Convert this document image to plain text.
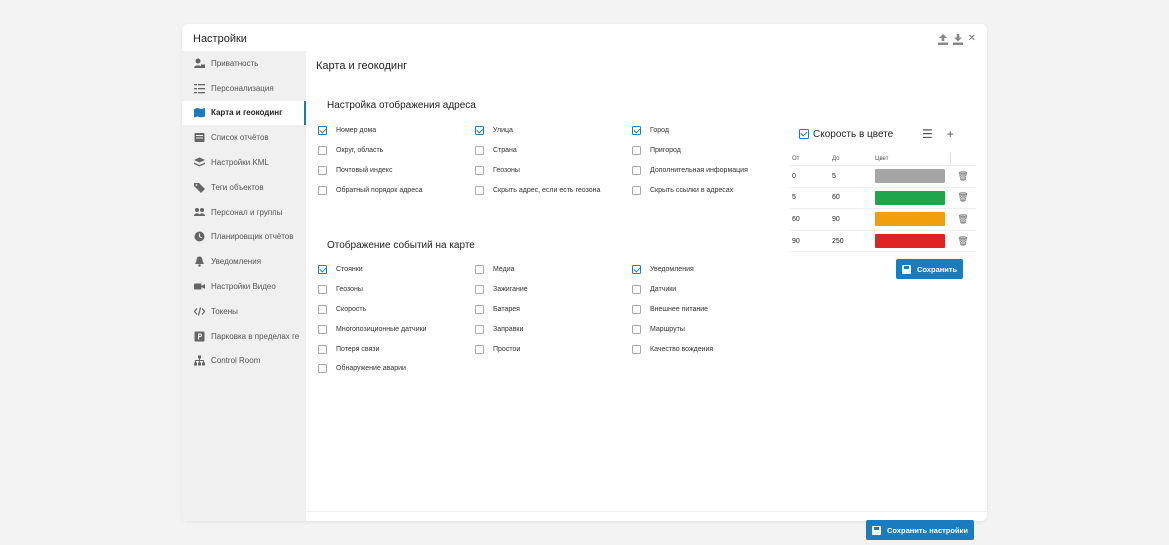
Настройки	✕
Приватность
Персонализация
Карта и геокодинг
Список отчётов
Настройки KML
Теги объектов
Персонал и группы
Планировщик отчётов
Уведомления
Настройки Видео
Токены
Парковка в пределах ге
Control Room
Карта и геокодинг
Настройка отображения адреса
Номер дома	Улица	Город
Округ, область	Страна	Пригород
Почтовый индекс	Геозоны	Дополнительная информация
Обратный порядок адреса	Скрыть адрес, если есть геозона	Скрыть ссылки в адресах
Отображение событий на карте
Стоянки	Медиа	Уведомления
Геозоны	Зажигание	Датчики
Скорость	Батарея	Внешнее питание
Многопозиционные датчики	Заправки	Маршруты
Потеря связи	Простои	Качество вождения
Обнаружение аварии
Скорость в цвете ☰ +
От	До	Цвет
0	5	🗑
5	60	🗑
60	90	🗑
90	250	🗑
Сохранить
Сохранить настройки
